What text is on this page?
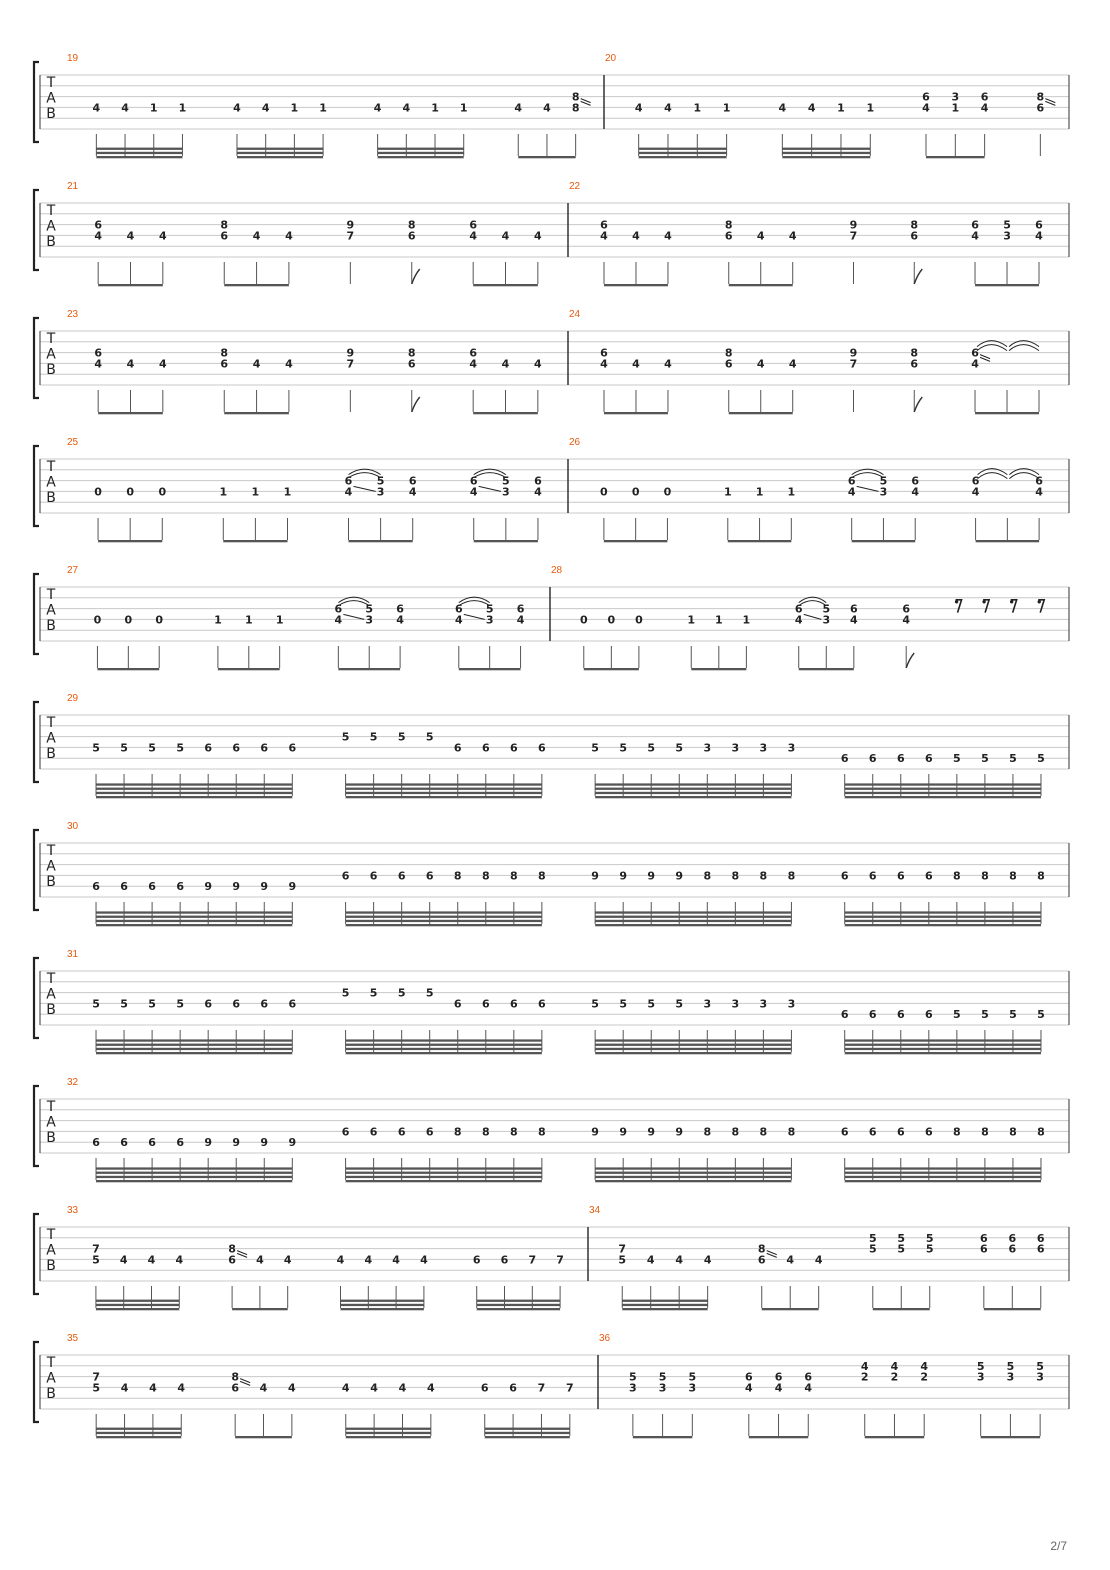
T
A
B
19
4 4 1 1	4 4 1 1	4 4 1 1	4 4
8
8
20
4 4 1 1	4 4 1 1
6
4
3
1
6
4
8
6
T
A
B
21
6
4 4 4
8
6 4 4
9
7
8
6
6
4 4 4
22
6
4 4 4
8
6 4 4
9
7
8
6
6
4
5
3
6
4
T
A
B
23
6
4 4 4
8
6 4 4
9
7
8
6
6
4 4 4
24
6
4 4 4
8
6 4 4
9
7
8
6
6
4
T
A
B
25
0 0 0	1 1 1
6
4
5
3
6
4
6
4
5
3
6
4
26
0 0 0	1 1 1
6
4
5
3
6
4
6
4
6
4
T
A
B
27
0 0 0	1 1 1
6
4
5
3
6
4
6
4
5
3
6
4
28
0 0 0	1 1 1
6
4
5
3
6
4
6
4
T
A
B
29
5 5 5 5 6 6 6 6
5 5 5 5
6 6 6 6	5 5 5 5 3 3 3 3
6 6 6 6 5 5 5 5
T
A
B
30
6 6 6 6 9 9 9 9
6 6 6 6 8 8 8 8	9 9 9 9 8 8 8 8	6 6 6 6 8 8 8 8
T
A
B
31
5 5 5 5 6 6 6 6
5 5 5 5
6 6 6 6	5 5 5 5 3 3 3 3
6 6 6 6 5 5 5 5
T
A
B
32
6 6 6 6 9 9 9 9
6 6 6 6 8 8 8 8	9 9 9 9 8 8 8 8	6 6 6 6 8 8 8 8
T
A
B
33
7
5 4 4 4
8
6 4 4	4 4 4 4	6 6 7 7
34
7
5 4 4 4
8
6 4 4
5
5
5
5
5
5
6
6
6
6
6
6
T
A
B
35
7
5 4 4 4
8
6 4 4	4 4 4 4	6 6 7 7
36
5
3
5
3
5
3
6
4
6
4
6
4
4
2
4
2
4
2
5
3
5
3
5
3
2/7
